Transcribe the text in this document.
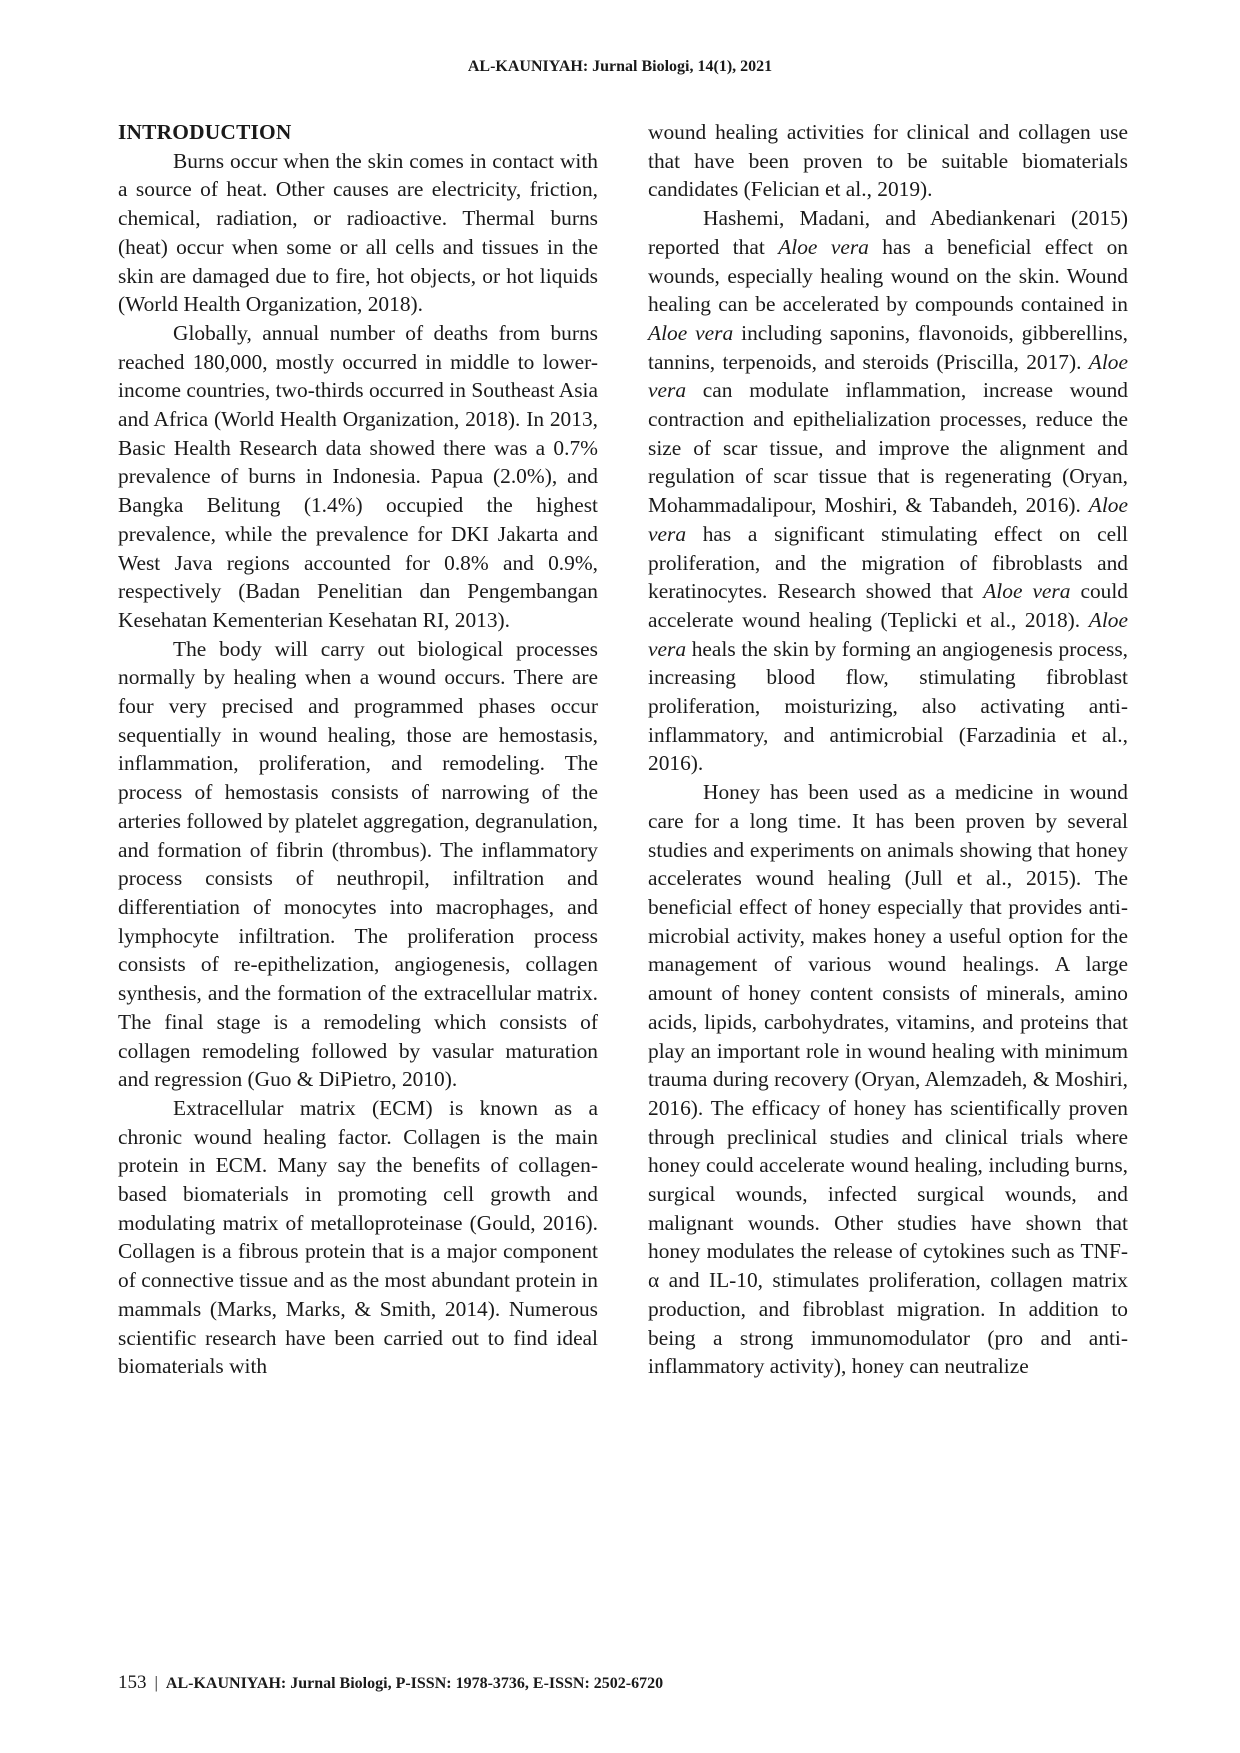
AL-KAUNIYAH: Jurnal Biologi, 14(1), 2021
INTRODUCTION

Burns occur when the skin comes in contact with a source of heat. Other causes are electricity, friction, chemical, radiation, or radioactive. Thermal burns (heat) occur when some or all cells and tissues in the skin are damaged due to fire, hot objects, or hot liquids (World Health Organization, 2018).

Globally, annual number of deaths from burns reached 180,000, mostly occurred in middle to lower-income countries, two-thirds occurred in Southeast Asia and Africa (World Health Organization, 2018). In 2013, Basic Health Research data showed there was a 0.7% prevalence of burns in Indonesia. Papua (2.0%), and Bangka Belitung (1.4%) occupied the highest prevalence, while the prevalence for DKI Jakarta and West Java regions accounted for 0.8% and 0.9%, respectively (Badan Penelitian dan Pengembangan Kesehatan Kementerian Kesehatan RI, 2013).

The body will carry out biological processes normally by healing when a wound occurs. There are four very precised and programmed phases occur sequentially in wound healing, those are hemostasis, inflammation, proliferation, and remodeling. The process of hemostasis consists of narrowing of the arteries followed by platelet aggregation, degranulation, and formation of fibrin (thrombus). The inflammatory process consists of neuthropil, infiltration and differentiation of monocytes into macrophages, and lymphocyte infiltration. The proliferation process consists of re-epithelization, angiogenesis, collagen synthesis, and the formation of the extracellular matrix. The final stage is a remodeling which consists of collagen remodeling followed by vasular maturation and regression (Guo & DiPietro, 2010).

Extracellular matrix (ECM) is known as a chronic wound healing factor. Collagen is the main protein in ECM. Many say the benefits of collagen-based biomaterials in promoting cell growth and modulating matrix of metalloproteinase (Gould, 2016). Collagen is a fibrous protein that is a major component of connective tissue and as the most abundant protein in mammals (Marks, Marks, & Smith, 2014). Numerous scientific research have been carried out to find ideal biomaterials with

wound healing activities for clinical and collagen use that have been proven to be suitable biomaterials candidates (Felician et al., 2019).

Hashemi, Madani, and Abediankenari (2015) reported that Aloe vera has a beneficial effect on wounds, especially healing wound on the skin. Wound healing can be accelerated by compounds contained in Aloe vera including saponins, flavonoids, gibberellins, tannins, terpenoids, and steroids (Priscilla, 2017). Aloe vera can modulate inflammation, increase wound contraction and epithelialization processes, reduce the size of scar tissue, and improve the alignment and regulation of scar tissue that is regenerating (Oryan, Mohammadalipour, Moshiri, & Tabandeh, 2016). Aloe vera has a significant stimulating effect on cell proliferation, and the migration of fibroblasts and keratinocytes. Research showed that Aloe vera could accelerate wound healing (Teplicki et al., 2018). Aloe vera heals the skin by forming an angiogenesis process, increasing blood flow, stimulating fibroblast proliferation, moisturizing, also activating anti-inflammatory, and antimicrobial (Farzadinia et al., 2016).

Honey has been used as a medicine in wound care for a long time. It has been proven by several studies and experiments on animals showing that honey accelerates wound healing (Jull et al., 2015). The beneficial effect of honey especially that provides anti-microbial activity, makes honey a useful option for the management of various wound healings. A large amount of honey content consists of minerals, amino acids, lipids, carbohydrates, vitamins, and proteins that play an important role in wound healing with minimum trauma during recovery (Oryan, Alemzadeh, & Moshiri, 2016). The efficacy of honey has scientifically proven through preclinical studies and clinical trials where honey could accelerate wound healing, including burns, surgical wounds, infected surgical wounds, and malignant wounds. Other studies have shown that honey modulates the release of cytokines such as TNF-α and IL-10, stimulates proliferation, collagen matrix production, and fibroblast migration. In addition to being a strong immunomodulator (pro and anti-inflammatory activity), honey can neutralize

153 | AL-KAUNIYAH: Jurnal Biologi, P-ISSN: 1978-3736, E-ISSN: 2502-6720
